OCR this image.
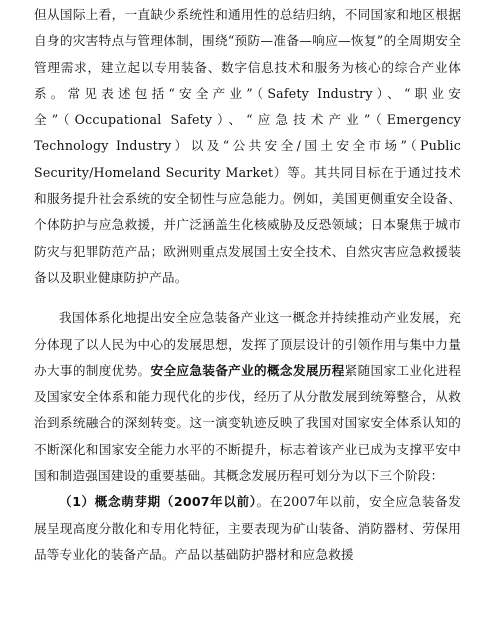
但从国际上看，一直缺少系统性和通用性的总结归纳，不同国家和地区根据自身的灾害特点与管理体制，围绕“预防—准备—响应—恢复”的全周期安全管理需求，建立起以专用装备、数字信息技术和服务为核心的综合产业体系。常见表述包括“安全产业”（Safety Industry）、“职业安全”（Occupational Safety）、“应急技术产业”（Emergency Technology Industry）以及“公共安全/国土安全市场”（Public Security/Homeland Security Market）等。其共同目标在于通过技术和服务提升社会系统的安全韧性与应急能力。例如，美国更侧重安全设备、个体防护与应急救援，并广泛涵盖生化核威胁及反恐领域；日本聚焦于城市防灾与犯罪防范产品；欧洲则重点发展国土安全技术、自然灾害应急救援装备以及职业健康防护产品。

我国体系化地提出安全应急装备产业这一概念并持续推动产业发展，充分体现了以人民为中心的发展思想，发挥了顶层设计的引领作用与集中力量办大事的制度优势。安全应急装备产业的概念发展历程紧随国家工业化进程及国家安全体系和能力现代化的步伐，经历了从分散发展到统筹整合，从救治到系统融合的深刻转变。这一演变轨迹反映了我国对国家安全体系认知的不断深化和国家安全能力水平的不断提升，标志着该产业已成为支撑平安中国和制造强国建设的重要基础。其概念发展历程可划分为以下三个阶段：

（1）概念萌芽期（2007年以前）。在2007年以前，安全应急装备发展呈现高度分散化和专用化特征，主要表现为矿山装备、消防器材、劳保用品等专业化的装备产品。产品以基础防护器材和应急救援
